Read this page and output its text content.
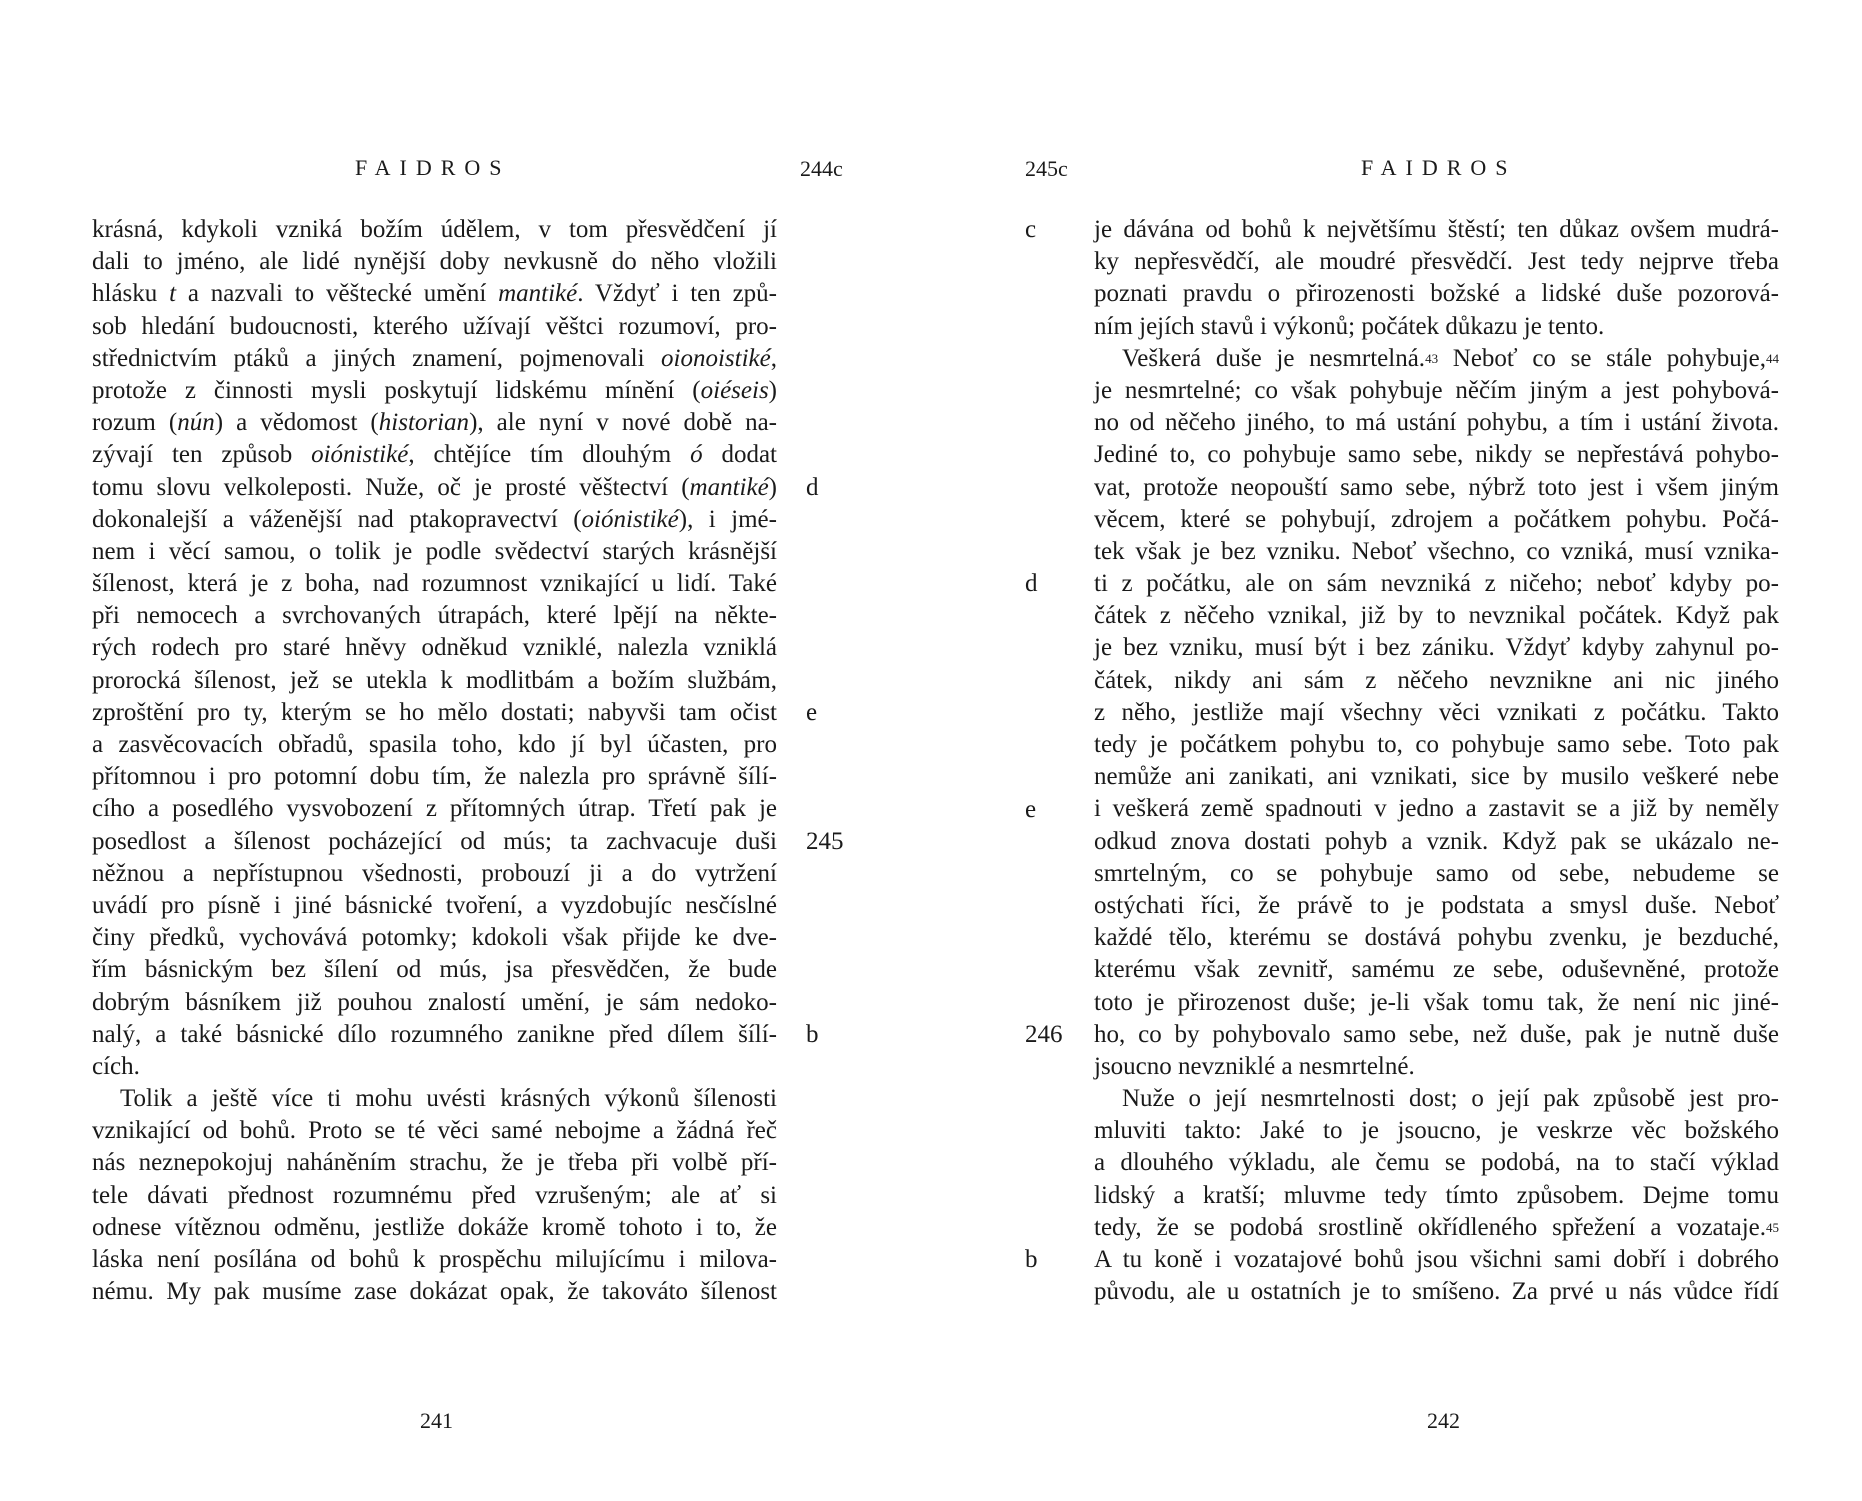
FAIDROS	244c
krásná, kdykoli vzniká božím údělem, v tom přesvědčení jí
dali to jméno, ale lidé nynější doby nevkusně do něho vložili
hlásku t a nazvali to věštecké umění mantiké. Vždyť i ten způ-
sob hledání budoucnosti, kterého užívají věštci rozumoví, pro-
střednictvím ptáků a jiných znamení, pojmenovali oionoistiké,
protože z činnosti mysli poskytují lidskému mínění (oiéseis)
rozum (nún) a vědomost (historian), ale nyní v nové době na-
zývají ten způsob oiónistiké, chtějíce tím dlouhým ó dodat
tomu slovu velkoleposti. Nuže, oč je prosté věštectví (mantiké)
dokonalejší a váženější nad ptakopravectví (oiónistiké), i jmé-
nem i věcí samou, o tolik je podle svědectví starých krásnější
šílenost, která je z boha, nad rozumnost vznikající u lidí. Také
při nemocech a svrchovaných útrapách, které lpějí na někte-
rých rodech pro staré hněvy odněkud vzniklé, nalezla vzniklá
prorocká šílenost, jež se utekla k modlitbám a božím službám,
zproštění pro ty, kterým se ho mělo dostati; nabyvši tam očist
a zasvěcovacích obřadů, spasila toho, kdo jí byl účasten, pro
přítomnou i pro potomní dobu tím, že nalezla pro správně šílí-
cího a posedlého vysvobození z přítomných útrap. Třetí pak je
posedlost a šílenost pocházející od mús; ta zachvacuje duši
něžnou a nepřístupnou všednosti, probouzí ji a do vytržení
uvádí pro písně i jiné básnické tvoření, a vyzdobujíc nesčíslné
činy předků, vychovává potomky; kdokoli však přijde ke dve-
řím básnickým bez šílení od mús, jsa přesvědčen, že bude
dobrým básníkem již pouhou znalostí umění, je sám nedoko-
nalý, a také básnické dílo rozumného zanikne před dílem šílí-
cích.
Tolik a ještě více ti mohu uvésti krásných výkonů šílenosti
vznikající od bohů. Proto se té věci samé nebojme a žádná řeč
nás neznepokojuj naháněním strachu, že je třeba při volbě pří-
tele dávati přednost rozumnému před vzrušeným; ale ať si
odnese vítěznou odměnu, jestliže dokáže kromě tohoto i to, že
láska není posílána od bohů k prospěchu milujícímu i milova-
nému. My pak musíme zase dokázat opak, že takováto šílenost
d
e
245
b
241
FAIDROS
245c
je dávána od bohů k největšímu štěstí; ten důkaz ovšem mudrá-
ky nepřesvědčí, ale moudré přesvědčí. Jest tedy nejprve třeba
poznati pravdu o přirozenosti božské a lidské duše pozorová-
ním jejích stavů i výkonů; počátek důkazu je tento.
Veškerá duše je nesmrtelná.$^{43}$ Neboť co se stále pohybuje,$^{44}$
je nesmrtelné; co však pohybuje něčím jiným a jest pohybová-
no od něčeho jiného, to má ustání pohybu, a tím i ustání života.
Jediné to, co pohybuje samo sebe, nikdy se nepřestává pohybo-
vat, protože neopouští samo sebe, nýbrž toto jest i všem jiným
věcem, které se pohybují, zdrojem a počátkem pohybu. Počá-
tek však je bez vzniku. Neboť všechno, co vzniká, musí vznika-
ti z počátku, ale on sám nevzniká z ničeho; neboť kdyby po-
čátek z něčeho vznikal, již by to nevznikal počátek. Když pak
je bez vzniku, musí být i bez zániku. Vždyť kdyby zahynul po-
čátek, nikdy ani sám z něčeho nevznikne ani nic jiného
z něho, jestliže mají všechny věci vznikati z počátku. Takto
tedy je počátkem pohybu to, co pohybuje samo sebe. Toto pak
nemůže ani zanikati, ani vznikati, sice by musilo veškeré nebe
i veškerá země spadnouti v jedno a zastavit se a již by neměly
odkud znova dostati pohyb a vznik. Když pak se ukázalo ne-
smrtelným, co se pohybuje samo od sebe, nebudeme se
ostýchati říci, že právě to je podstata a smysl duše. Neboť
každé tělo, kterému se dostává pohybu zvenku, je bezduché,
kterému však zevnitř, samému ze sebe, oduševněné, protože
toto je přirozenost duše; je-li však tomu tak, že není nic jiné-
ho, co by pohybovalo samo sebe, než duše, pak je nutně duše
jsoucno nevzniklé a nesmrtelné.
Nuže o její nesmrtelnosti dost; o její pak způsobě jest pro-
mluviti takto: Jaké to je jsoucno, je veskrze věc božského
a dlouhého výkladu, ale čemu se podobá, na to stačí výklad
lidský a kratší; mluvme tedy tímto způsobem. Dejme tomu
tedy, že se podobá srostlině okřídleného spřežení a vozataje.$^{45}$
A tu koně i vozatajové bohů jsou všichni sami dobří i dobrého
původu, ale u ostatních je to smíšeno. Za prvé u nás vůdce řídí
c
d
e
246
b
242
